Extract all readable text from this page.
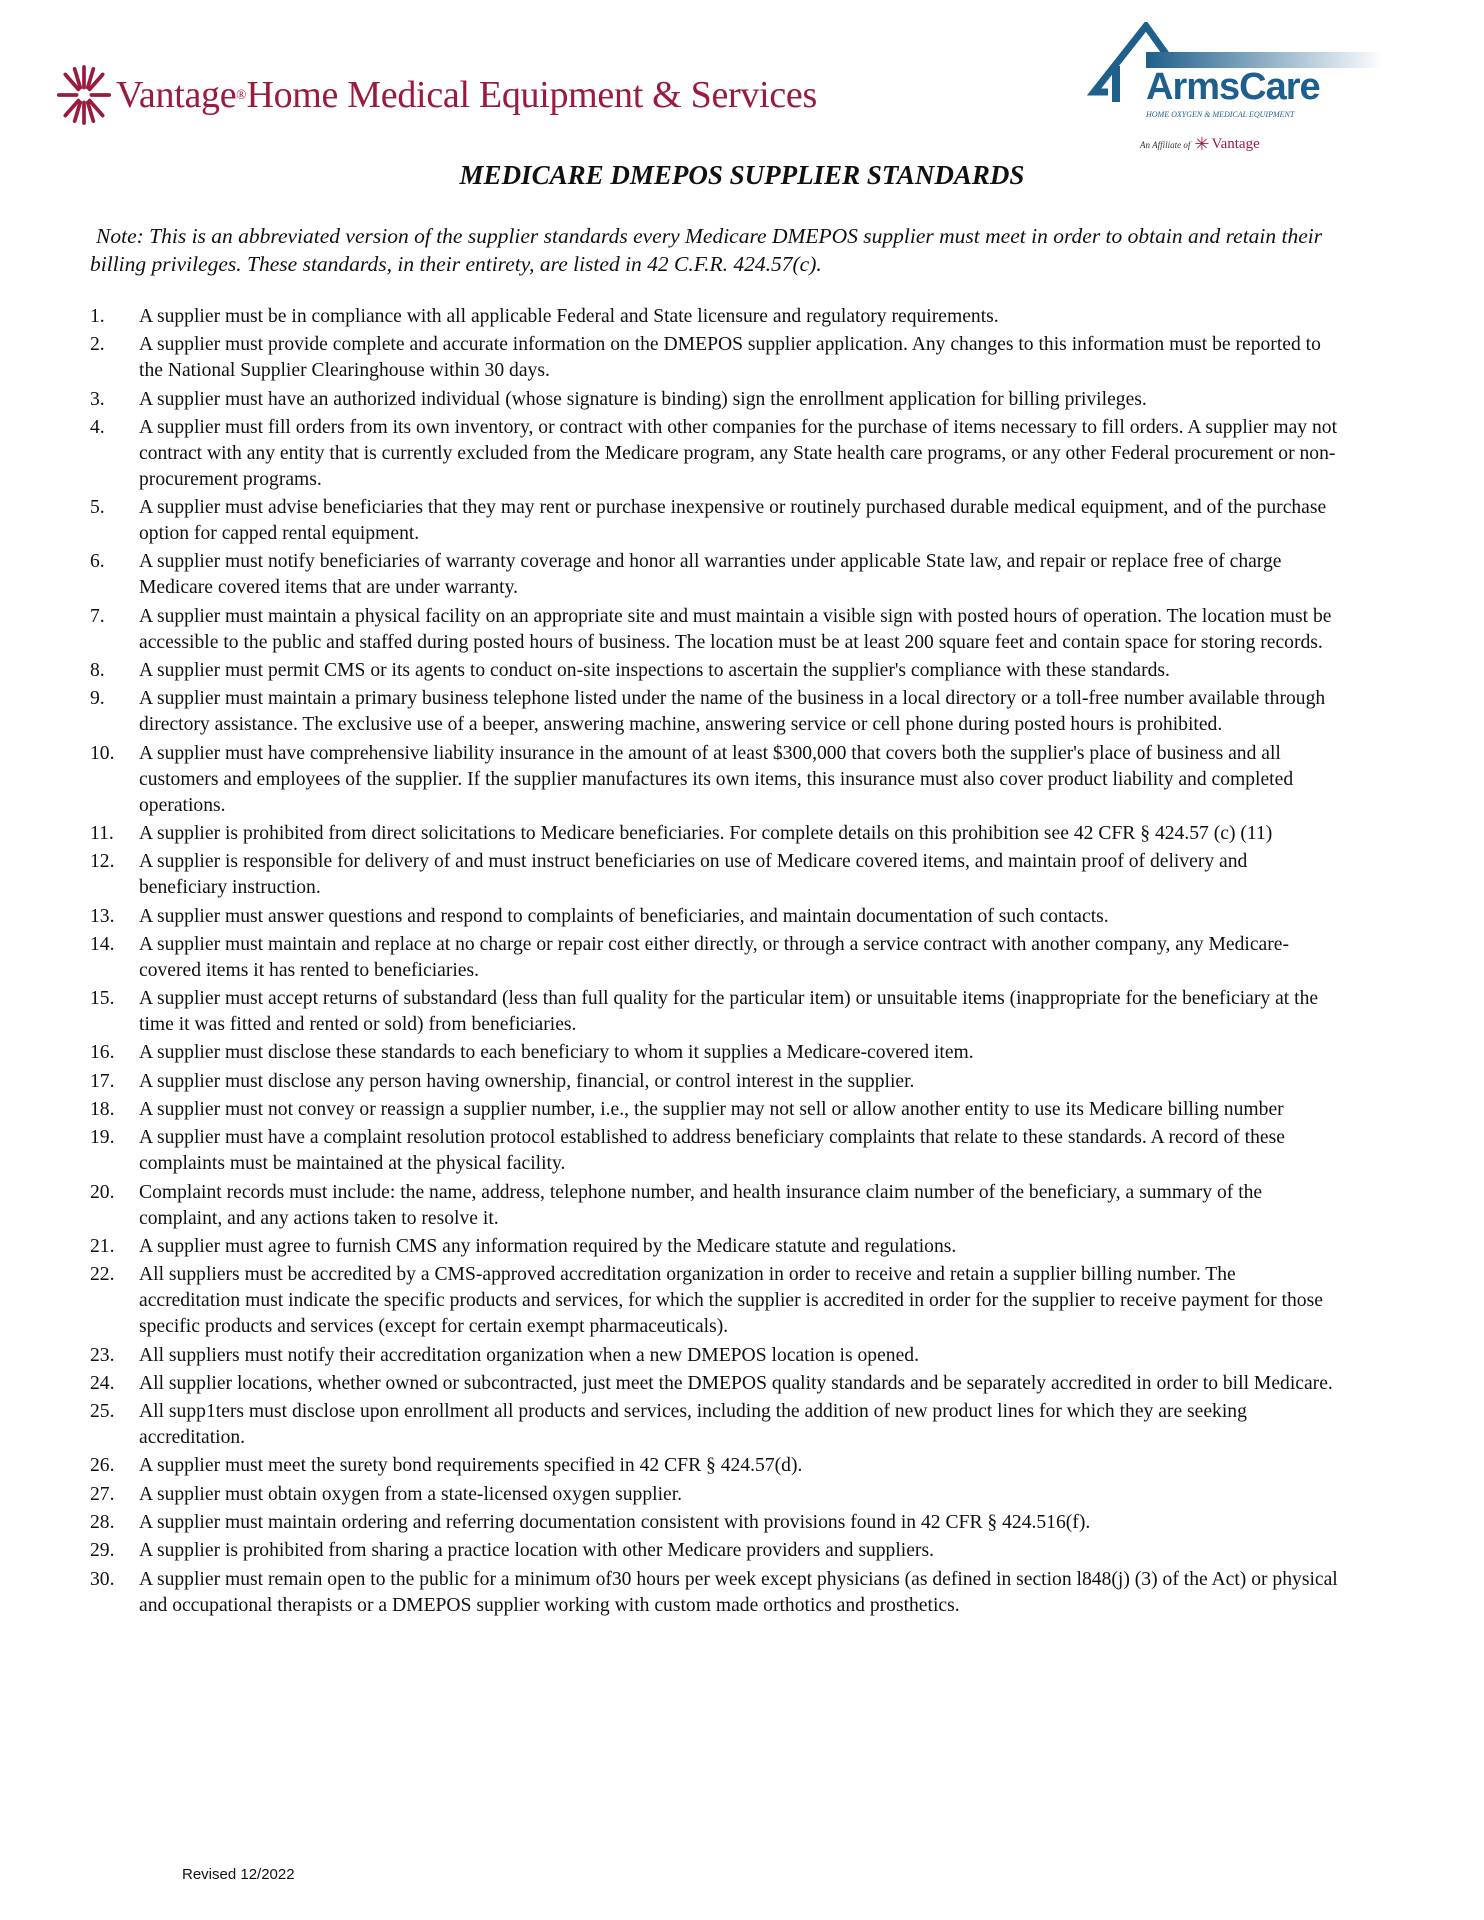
Vantage ® Home Medical Equipment & Services	ArmsCare
HOME OXYGEN & MEDICAL EQUIPMENT
An Affiliate of ✳ Vantage
MEDICARE DMEPOS SUPPLIER STANDARDS
Note: This is an abbreviated version of the supplier standards every Medicare DMEPOS supplier must meet in order to obtain and retain their billing privileges. These standards, in their entirety, are listed in 42 C.F.R. 424.57(c).
1.	A supplier must be in compliance with all applicable Federal and State licensure and regulatory requirements.
2.	A supplier must provide complete and accurate information on the DMEPOS supplier application. Any changes to this information must be reported to the National Supplier Clearinghouse within 30 days.
3.	A supplier must have an authorized individual (whose signature is binding) sign the enrollment application for billing privileges.
4.	A supplier must fill orders from its own inventory, or contract with other companies for the purchase of items necessary to fill orders. A supplier may not contract with any entity that is currently excluded from the Medicare program, any State health care programs, or any other Federal procurement or non-procurement programs.
5.	A supplier must advise beneficiaries that they may rent or purchase inexpensive or routinely purchased durable medical equipment, and of the purchase option for capped rental equipment.
6.	A supplier must notify beneficiaries of warranty coverage and honor all warranties under applicable State law, and repair or replace free of charge Medicare covered items that are under warranty.
7.	A supplier must maintain a physical facility on an appropriate site and must maintain a visible sign with posted hours of operation. The location must be accessible to the public and staffed during posted hours of business. The location must be at least 200 square feet and contain space for storing records.
8.	A supplier must permit CMS or its agents to conduct on-site inspections to ascertain the supplier's compliance with these standards.
9.	A supplier must maintain a primary business telephone listed under the name of the business in a local directory or a toll-free number available through directory assistance. The exclusive use of a beeper, answering machine, answering service or cell phone during posted hours is prohibited.
10.	A supplier must have comprehensive liability insurance in the amount of at least $300,000 that covers both the supplier's place of business and all customers and employees of the supplier. If the supplier manufactures its own items, this insurance must also cover product liability and completed operations.
11.	A supplier is prohibited from direct solicitations to Medicare beneficiaries. For complete details on this prohibition see 42 CFR § 424.57 (c) (11)
12.	A supplier is responsible for delivery of and must instruct beneficiaries on use of Medicare covered items, and maintain proof of delivery and beneficiary instruction.
13.	A supplier must answer questions and respond to complaints of beneficiaries, and maintain documentation of such contacts.
14.	A supplier must maintain and replace at no charge or repair cost either directly, or through a service contract with another company, any Medicare-covered items it has rented to beneficiaries.
15.	A supplier must accept returns of substandard (less than full quality for the particular item) or unsuitable items (inappropriate for the beneficiary at the time it was fitted and rented or sold) from beneficiaries.
16.	A supplier must disclose these standards to each beneficiary to whom it supplies a Medicare-covered item.
17.	A supplier must disclose any person having ownership, financial, or control interest in the supplier.
18.	A supplier must not convey or reassign a supplier number, i.e., the supplier may not sell or allow another entity to use its Medicare billing number
19.	A supplier must have a complaint resolution protocol established to address beneficiary complaints that relate to these standards. A record of these complaints must be maintained at the physical facility.
20.	Complaint records must include: the name, address, telephone number, and health insurance claim number of the beneficiary, a summary of the complaint, and any actions taken to resolve it.
21.	A supplier must agree to furnish CMS any information required by the Medicare statute and regulations.
22.	All suppliers must be accredited by a CMS-approved accreditation organization in order to receive and retain a supplier billing number. The accreditation must indicate the specific products and services, for which the supplier is accredited in order for the supplier to receive payment for those specific products and services (except for certain exempt pharmaceuticals).
23.	All suppliers must notify their accreditation organization when a new DMEPOS location is opened.
24.	All supplier locations, whether owned or subcontracted, just meet the DMEPOS quality standards and be separately accredited in order to bill Medicare.
25.	All supp1ters must disclose upon enrollment all products and services, including the addition of new product lines for which they are seeking accreditation.
26.	A supplier must meet the surety bond requirements specified in 42 CFR § 424.57(d).
27.	A supplier must obtain oxygen from a state-licensed oxygen supplier.
28.	A supplier must maintain ordering and referring documentation consistent with provisions found in 42 CFR § 424.516(f).
29.	A supplier is prohibited from sharing a practice location with other Medicare providers and suppliers.
30.	A supplier must remain open to the public for a minimum of30 hours per week except physicians (as defined in section l848(j) (3) of the Act) or physical and occupational therapists or a DMEPOS supplier working with custom made orthotics and prosthetics.
Revised 12/2022
